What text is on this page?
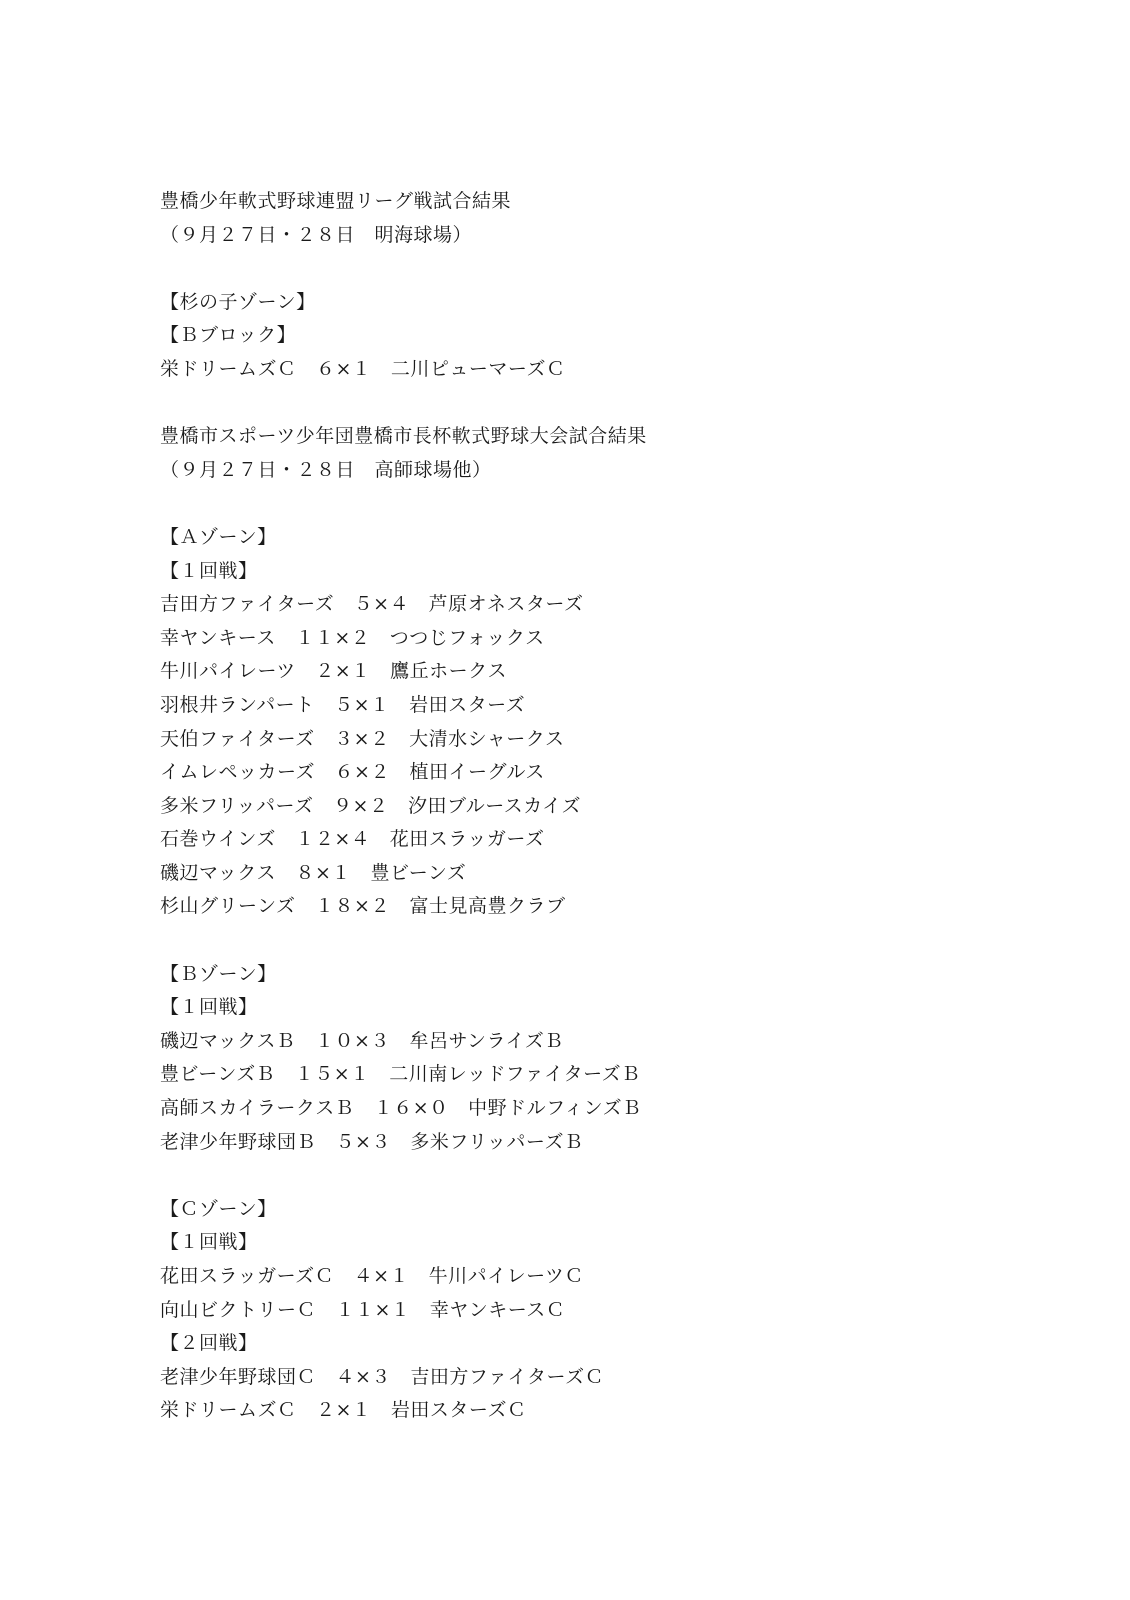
豊橋少年軟式野球連盟リーグ戦試合結果
（９月２７日・２８日　明海球場）
【杉の子ゾーン】
【Ｂブロック】
栄ドリームズＣ　６×１　二川ピューマーズＣ
豊橋市スポーツ少年団豊橋市長杯軟式野球大会試合結果
（９月２７日・２８日　高師球場他）
【Ａゾーン】
【１回戦】
吉田方ファイターズ　５×４　芦原オネスターズ
幸ヤンキース　１１×２　つつじフォックス
牛川パイレーツ　２×１　鷹丘ホークス
羽根井ランパート　５×１　岩田スターズ
天伯ファイターズ　３×２　大清水シャークス
イムレペッカーズ　６×２　植田イーグルス
多米フリッパーズ　９×２　汐田ブルースカイズ
石巻ウインズ　１２×４　花田スラッガーズ
磯辺マックス　８×１　豊ビーンズ
杉山グリーンズ　１８×２　富士見高豊クラブ
【Ｂゾーン】
【１回戦】
磯辺マックスＢ　１０×３　牟呂サンライズＢ
豊ビーンズＢ　１５×１　二川南レッドファイターズＢ
高師スカイラークスＢ　１６×０　中野ドルフィンズＢ
老津少年野球団Ｂ　５×３　多米フリッパーズＢ
【Ｃゾーン】
【１回戦】
花田スラッガーズＣ　４×１　牛川パイレーツＣ
向山ビクトリーＣ　１１×１　幸ヤンキースＣ
【２回戦】
老津少年野球団Ｃ　４×３　吉田方ファイターズＣ
栄ドリームズＣ　２×１　岩田スターズＣ
